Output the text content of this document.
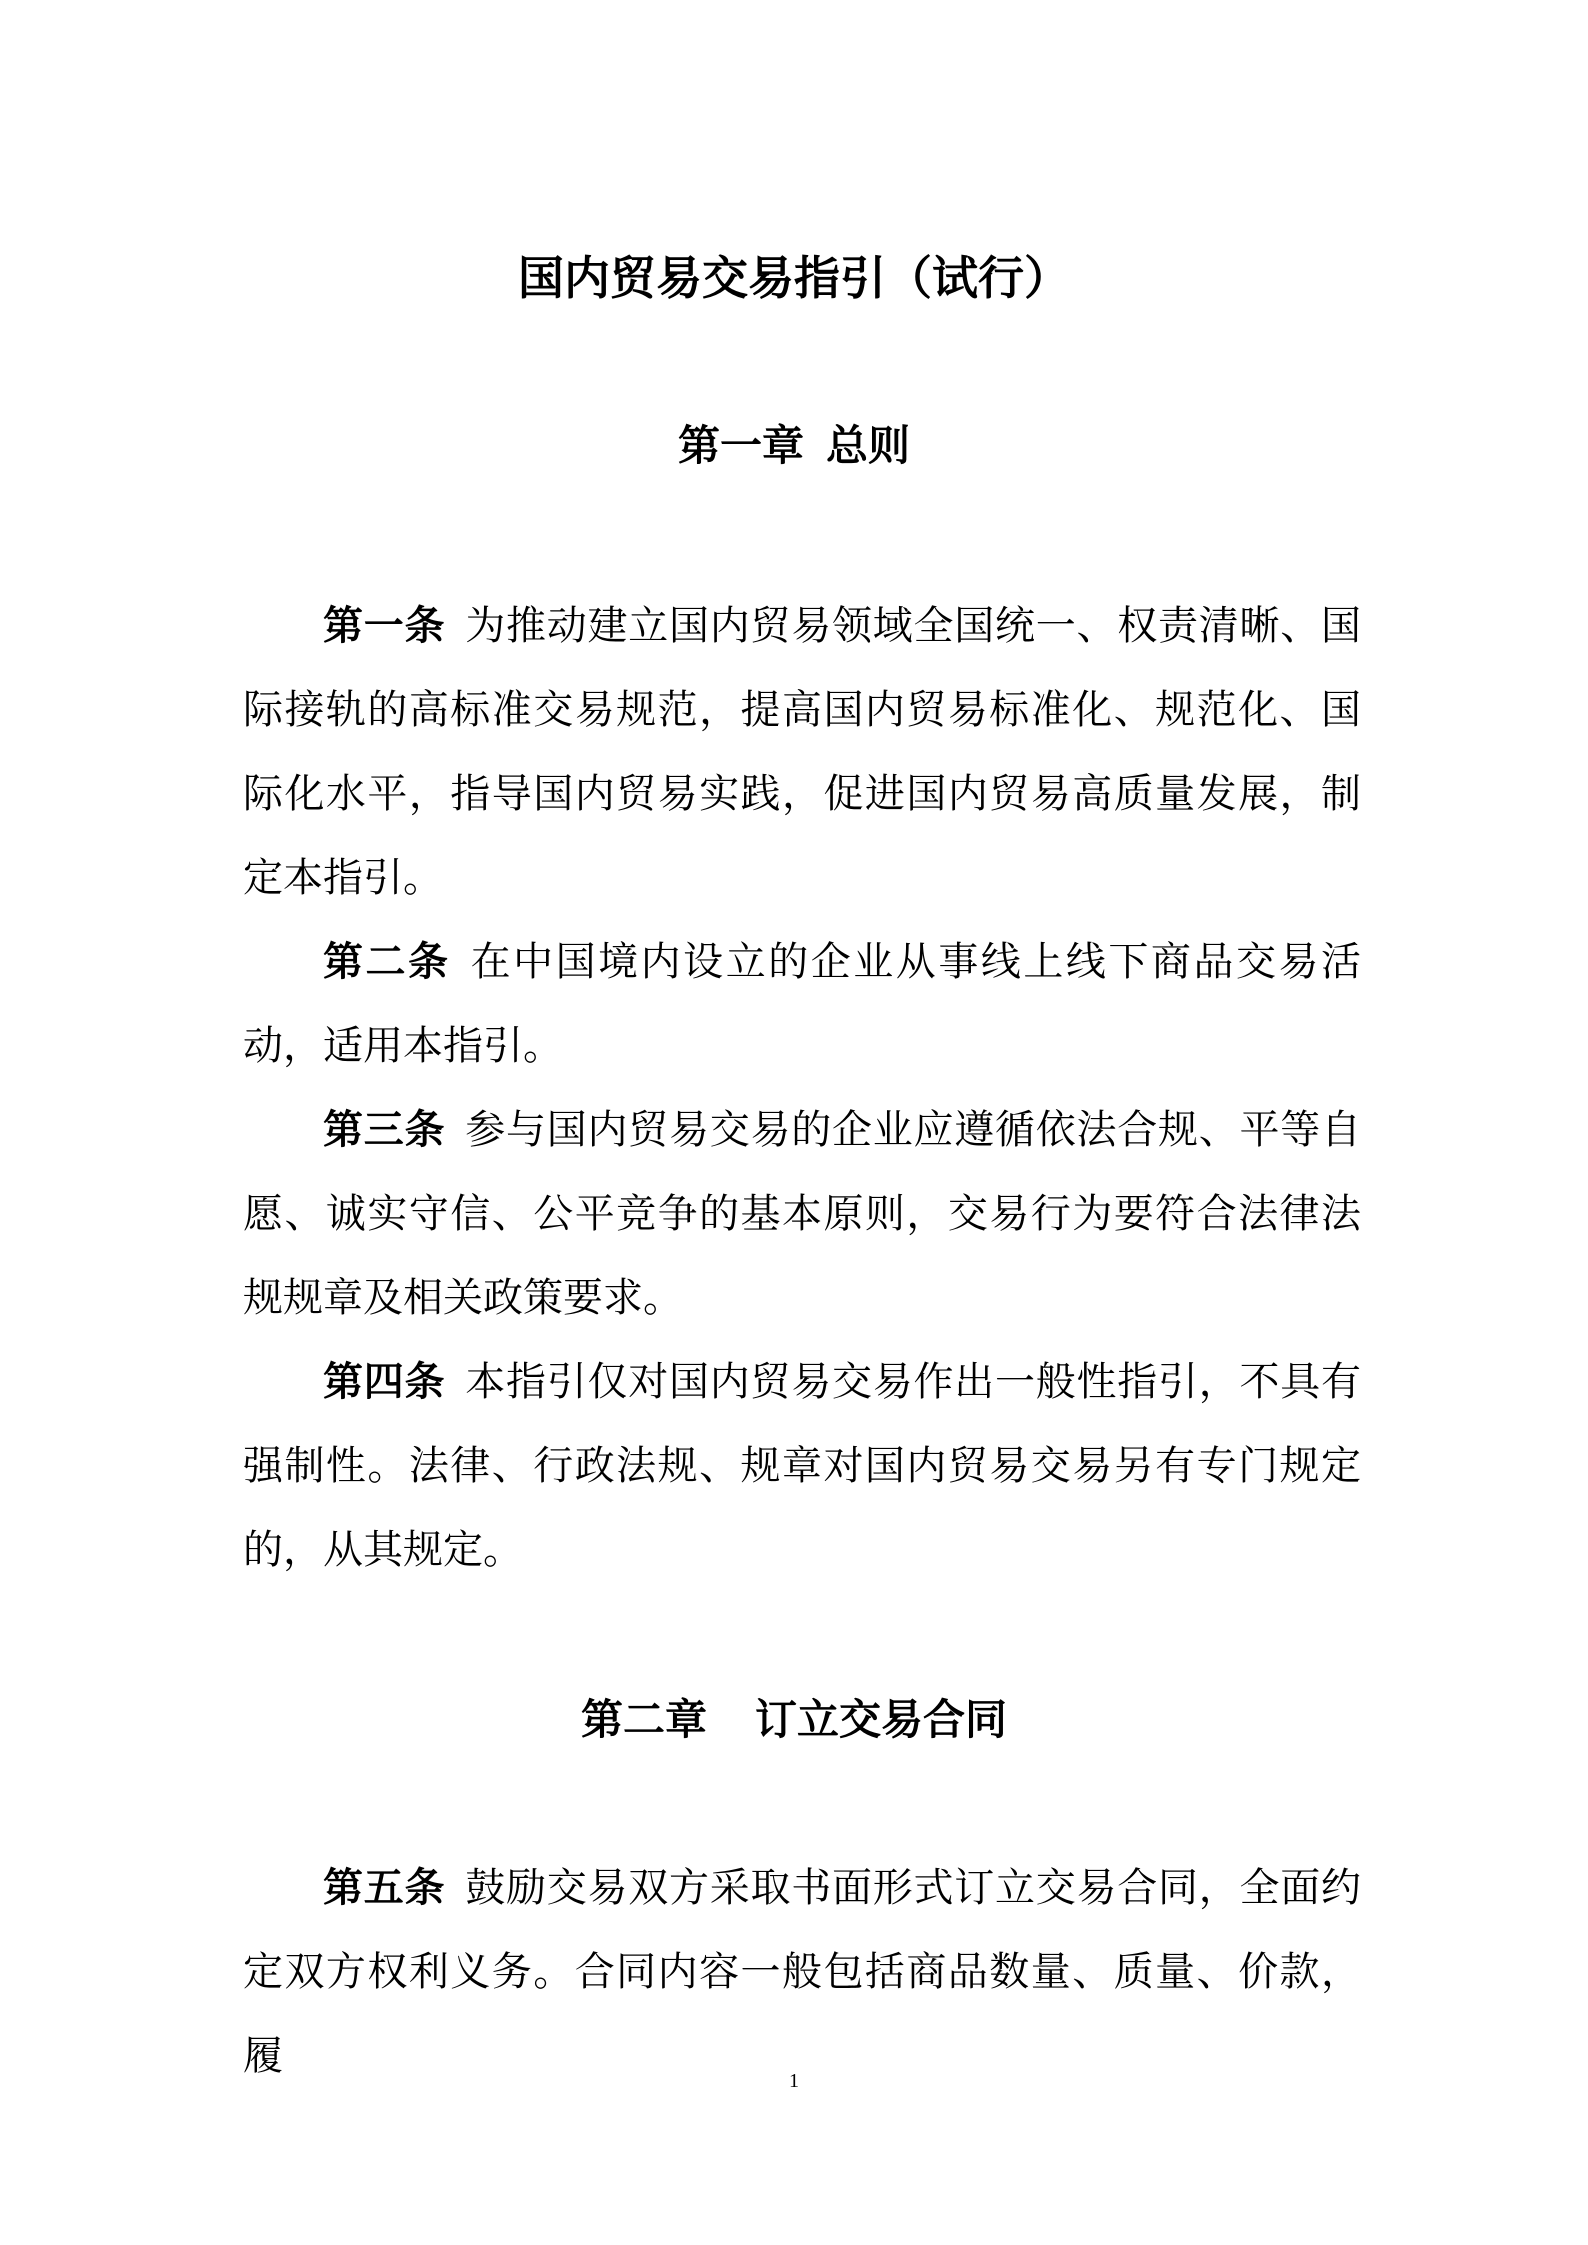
国内贸易交易指引（试行）
第一章 总则

第一条 为推动建立国内贸易领域全国统一、权责清晰、国际接轨的高标准交易规范，提高国内贸易标准化、规范化、国际化水平，指导国内贸易实践，促进国内贸易高质量发展，制定本指引。

第二条 在中国境内设立的企业从事线上线下商品交易活动，适用本指引。

第三条 参与国内贸易交易的企业应遵循依法合规、平等自愿、诚实守信、公平竞争的基本原则，交易行为要符合法律法规规章及相关政策要求。

第四条 本指引仅对国内贸易交易作出一般性指引，不具有强制性。法律、行政法规、规章对国内贸易交易另有专门规定的，从其规定。

第二章 订立交易合同

第五条 鼓励交易双方采取书面形式订立交易合同，全面约定双方权利义务。合同内容一般包括商品数量、质量、价款，履

1
